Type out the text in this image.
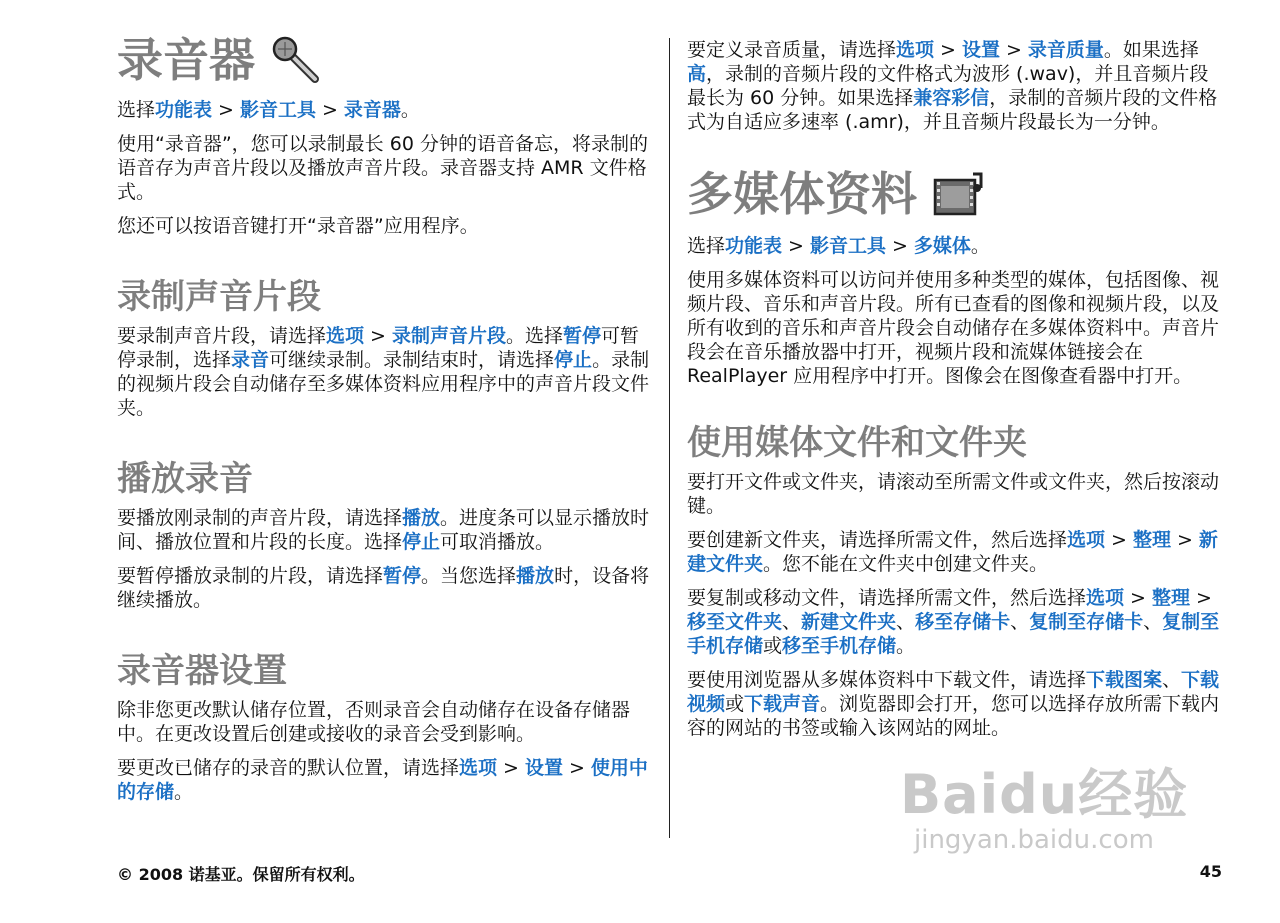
录音器

选择功能表 > 影音工具 > 录音器。

使用“录音器”，您可以录制最长 60 分钟的语音备忘，将录制的语音存为声音片段以及播放声音片段。录音器支持 AMR 文件格式。

您还可以按语音键打开“录音器”应用程序。

录制声音片段

要录制声音片段，请选择选项 > 录制声音片段。选择暂停可暂停录制，选择录音可继续录制。录制结束时，请选择停止。录制的视频片段会自动储存至多媒体资料应用程序中的声音片段文件夹。

播放录音

要播放刚录制的声音片段，请选择播放。进度条可以显示播放时间、播放位置和片段的长度。选择停止可取消播放。

要暂停播放录制的片段，请选择暂停。当您选择播放时，设备将继续播放。

录音器设置

除非您更改默认储存位置，否则录音会自动储存在设备存储器中。在更改设置后创建或接收的录音会受到影响。

要更改已储存的录音的默认位置，请选择选项 > 设置 > 使用中的存储。

要定义录音质量，请选择选项 > 设置 > 录音质量。如果选择高，录制的音频片段的文件格式为波形 (.wav)，并且音频片段最长为 60 分钟。如果选择兼容彩信，录制的音频片段的文件格式为自适应多速率 (.amr)，并且音频片段最长为一分钟。

多媒体资料

选择功能表 > 影音工具 > 多媒体。

使用多媒体资料可以访问并使用多种类型的媒体，包括图像、视频片段、音乐和声音片段。所有已查看的图像和视频片段，以及所有收到的音乐和声音片段会自动储存在多媒体资料中。声音片段会在音乐播放器中打开，视频片段和流媒体链接会在 RealPlayer 应用程序中打开。图像会在图像查看器中打开。

使用媒体文件和文件夹

要打开文件或文件夹，请滚动至所需文件或文件夹，然后按滚动键。

要创建新文件夹，请选择所需文件，然后选择选项 > 整理 > 新建文件夹。您不能在文件夹中创建文件夹。

要复制或移动文件，请选择所需文件，然后选择选项 > 整理 >移至文件夹、新建文件夹、移至存储卡、复制至存储卡、复制至手机存储或移至手机存储。

要使用浏览器从多媒体资料中下载文件，请选择下载图案、下载视频或下载声音。浏览器即会打开，您可以选择存放所需下载内容的网站的书签或输入该网站的网址。

Baidu经验
jingyan.baidu.com
© 2008 诺基亚。保留所有权利。	45
